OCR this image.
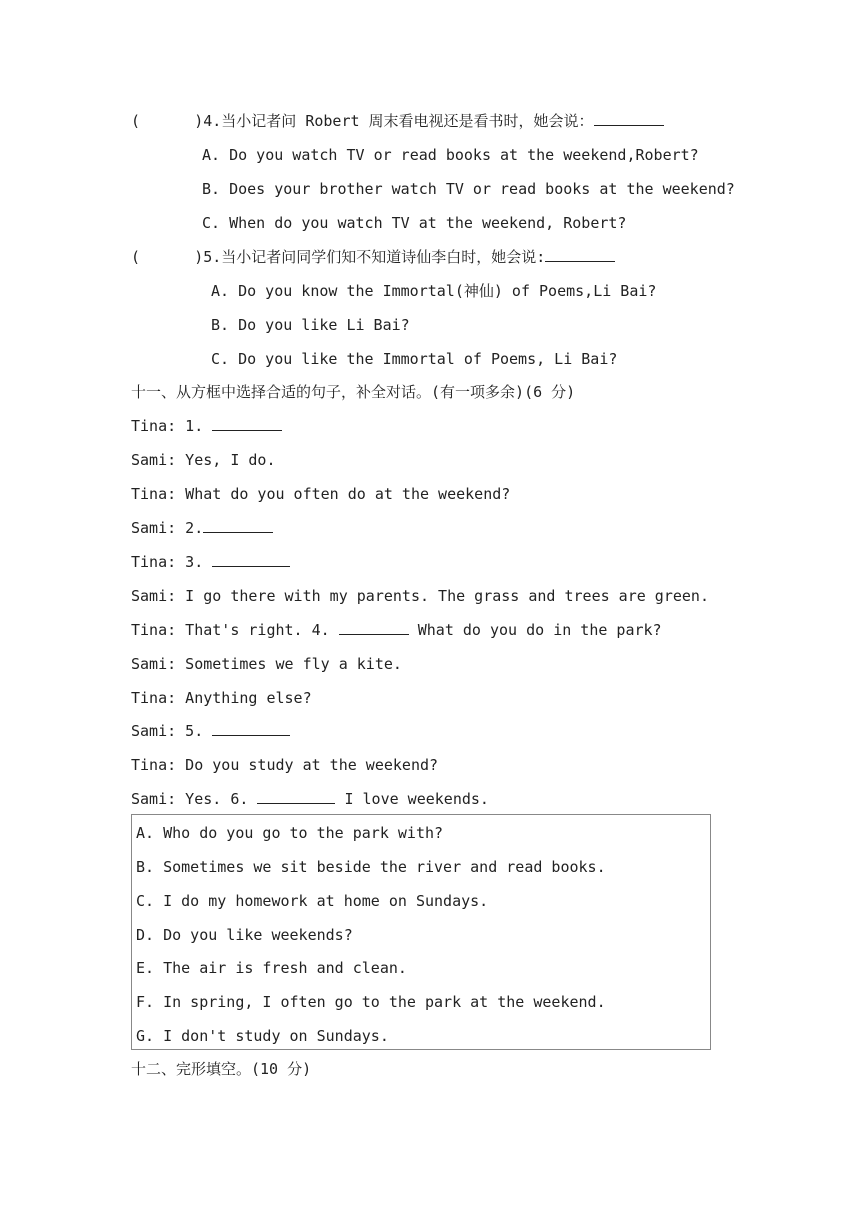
(      )4.当小记者问 Robert 周末看电视还是看书时，她会说：
A. Do you watch TV or read books at the weekend,Robert?
B. Does your brother watch TV or read books at the weekend?
C. When do you watch TV at the weekend, Robert?
(      )5.当小记者问同学们知不知道诗仙李白时，她会说:
A. Do you know the Immortal(神仙) of Poems,Li Bai?
B. Do you like Li Bai?
C. Do you like the Immortal of Poems, Li Bai?
十一、从方框中选择合适的句子，补全对话。(有一项多余)(6 分)
Tina: 1.
Sami: Yes, I do.
Tina: What do you often do at the weekend?
Sami: 2.
Tina: 3.
Sami: I go there with my parents. The grass and trees are green.
Tina: That's right. 4.	What do you do in the park?
Sami: Sometimes we fly a kite.
Tina: Anything else?
Sami: 5.
Tina: Do you study at the weekend?
Sami: Yes. 6.	I love weekends.
A. Who do you go to the park with?
B. Sometimes we sit beside the river and read books.
C. I do my homework at home on Sundays.
D. Do you like weekends?
E. The air is fresh and clean.
F. In spring, I often go to the park at the weekend.
G. I don't study on Sundays.
十二、完形填空。(10 分)
